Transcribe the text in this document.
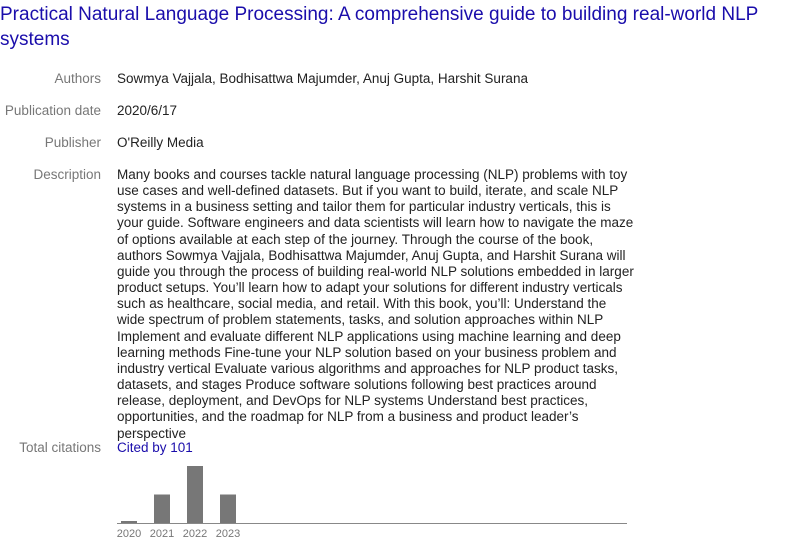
Practical Natural Language Processing: A comprehensive guide to building real-world NLP systems
Authors Sowmya Vajjala, Bodhisattwa Majumder, Anuj Gupta, Harshit Surana
Publication date 2020/6/17
Publisher O'Reilly Media
Description Many books and courses tackle natural language processing (NLP) problems with toy use cases and well-defined datasets. But if you want to build, iterate, and scale NLP systems in a business setting and tailor them for particular industry verticals, this is your guide. Software engineers and data scientists will learn how to navigate the maze of options available at each step of the journey. Through the course of the book, authors Sowmya Vajjala, Bodhisattwa Majumder, Anuj Gupta, and Harshit Surana will guide you through the process of building real-world NLP solutions embedded in larger product setups. You’ll learn how to adapt your solutions for different industry verticals such as healthcare, social media, and retail. With this book, you’ll: Understand the wide spectrum of problem statements, tasks, and solution approaches within NLP Implement and evaluate different NLP applications using machine learning and deep learning methods Fine-tune your NLP solution based on your business problem and industry vertical Evaluate various algorithms and approaches for NLP product tasks, datasets, and stages Produce software solutions following best practices around release, deployment, and DevOps for NLP systems Understand best practices, opportunities, and the roadmap for NLP from a business and product leader’s perspective
Total citations Cited by 101
2020 2021 2022 2023
